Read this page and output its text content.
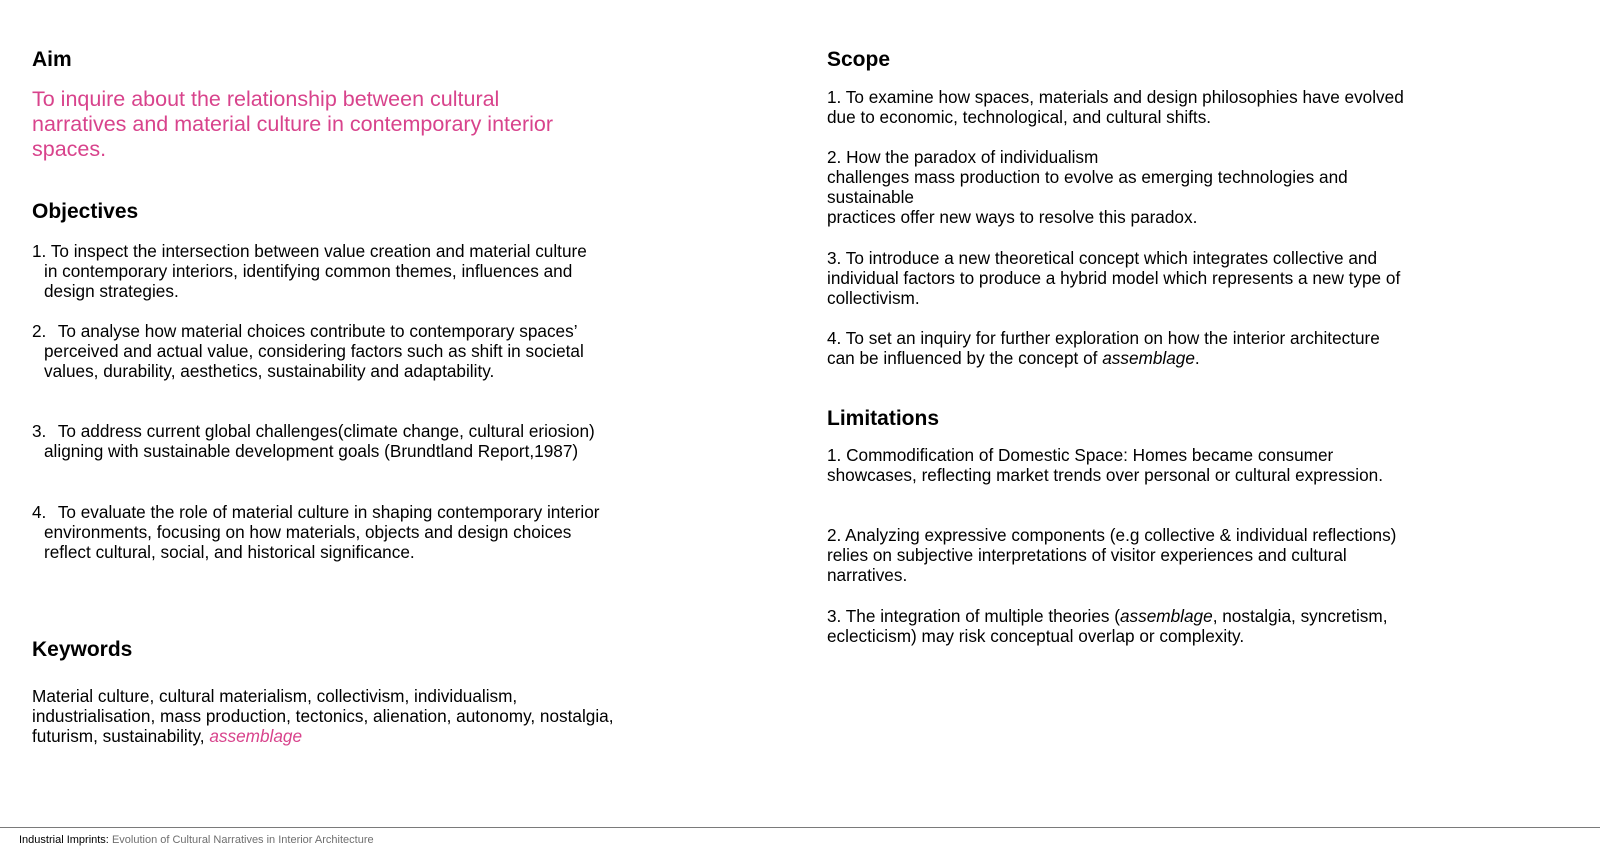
Aim
To inquire about the relationship between cultural narratives and material culture in contemporary interior spaces.
Objectives
1. To inspect the intersection between value creation and material culture in contemporary interiors, identifying common themes, influences and design strategies.
2. To analyse how material choices contribute to contemporary spaces’ perceived and actual value, considering factors such as shift in societal values, durability, aesthetics, sustainability and adaptability.
3. To address current global challenges(climate change, cultural eriosion) aligning with sustainable development goals (Brundtland Report,1987)
4. To evaluate the role of material culture in shaping contemporary interior environments, focusing on how materials, objects and design choices reflect cultural, social, and historical significance.
Keywords
Material culture, cultural materialism, collectivism, individualism, industrialisation, mass production, tectonics, alienation, autonomy, nostalgia, futurism, sustainability, assemblage
Scope
1. To examine how spaces, materials and design philosophies have evolved due to economic, technological, and cultural shifts.
2. How the paradox of individualism
challenges mass production to evolve as emerging technologies and sustainable
practices offer new ways to resolve this paradox.
3. To introduce a new theoretical concept which integrates collective and individual factors to produce a hybrid model which represents a new type of collectivism.
4. To set an inquiry for further exploration on how the interior architecture can be influenced by the concept of assemblage.
Limitations
1. Commodification of Domestic Space: Homes became consumer showcases, reflecting market trends over personal or cultural expression.
2. Analyzing expressive components (e.g collective & individual reflections) relies on subjective interpretations of visitor experiences and cultural narratives.
3. The integration of multiple theories (assemblage, nostalgia, syncretism, eclecticism) may risk conceptual overlap or complexity.
Industrial Imprints: Evolution of Cultural Narratives in Interior Architecture
